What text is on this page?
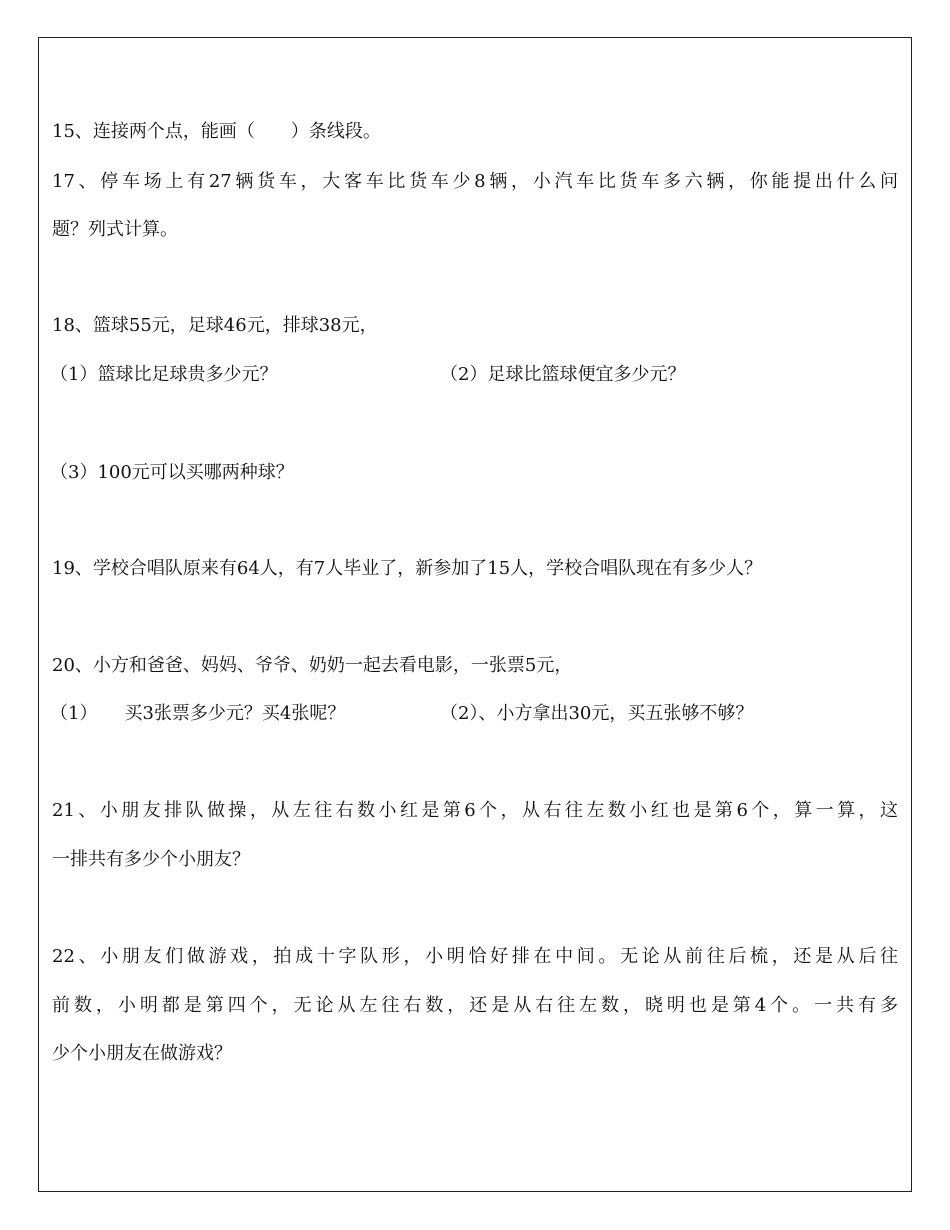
15、连接两个点，能画（　　）条线段。
17、停车场上有27辆货车，大客车比货车少8辆，小汽车比货车多六辆，你能提出什么问
题？列式计算。
18、篮球55元，足球46元，排球38元，
（1）篮球比足球贵多少元？	（2）足球比篮球便宜多少元？
（3）100元可以买哪两种球？
19、学校合唱队原来有64人，有7人毕业了，新参加了15人，学校合唱队现在有多少人？
20、小方和爸爸、妈妈、爷爷、奶奶一起去看电影，一张票5元，
（1）　　买3张票多少元？买4张呢？	（2）、小方拿出30元，买五张够不够？
21、小朋友排队做操，从左往右数小红是第6个，从右往左数小红也是第6个，算一算，这
一排共有多少个小朋友？
22、小朋友们做游戏，拍成十字队形，小明恰好排在中间。无论从前往后梳，还是从后往
前数，小明都是第四个，无论从左往右数，还是从右往左数，晓明也是第4个。一共有多
少个小朋友在做游戏？
